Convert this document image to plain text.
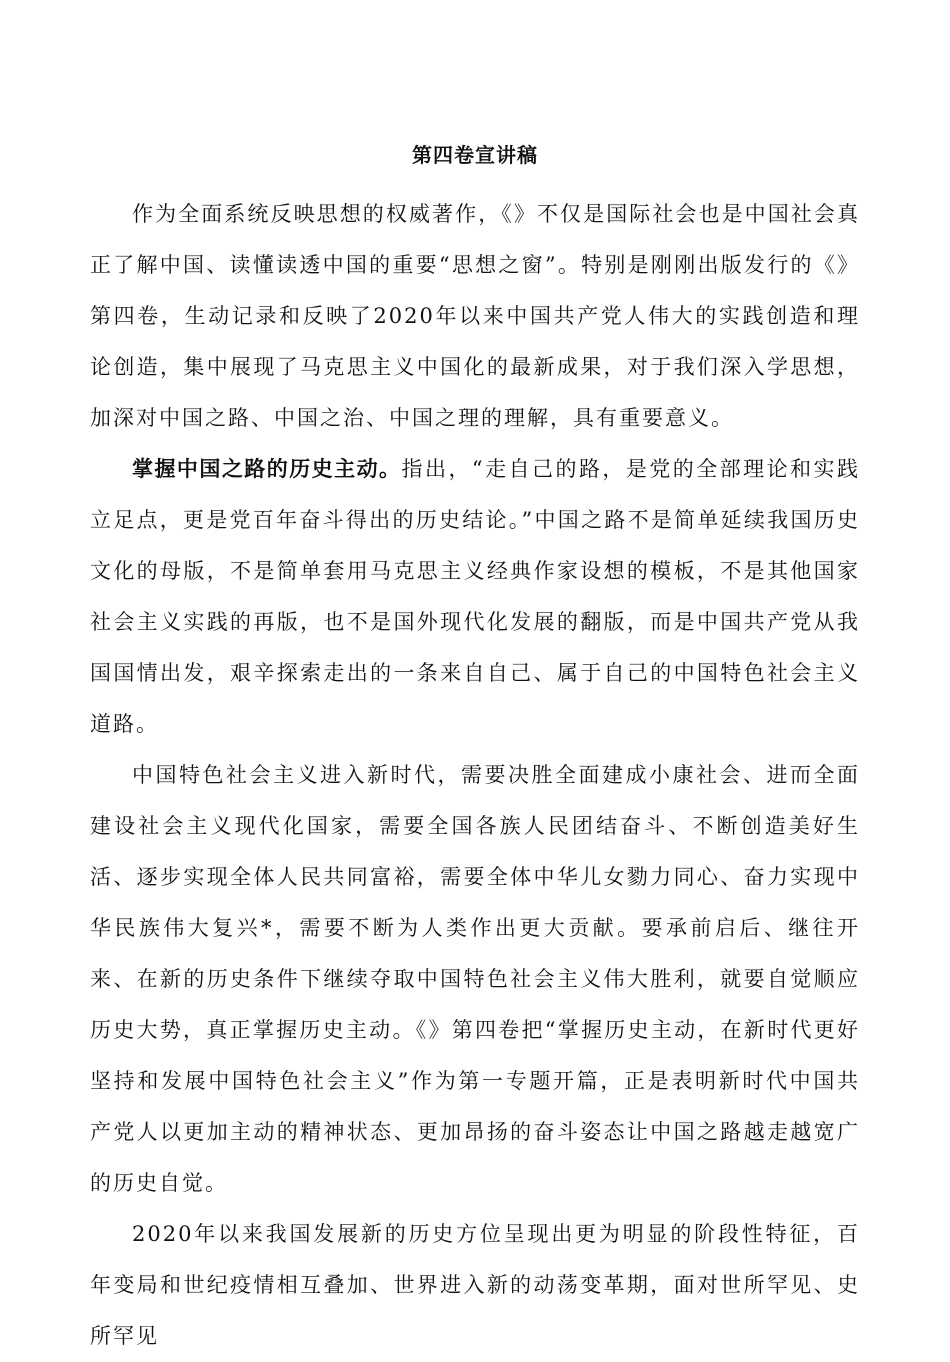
第四卷宣讲稿

作为全面系统反映思想的权威著作，《》不仅是国际社会也是中国社会真正了解中国、读懂读透中国的重要“思想之窗”。特别是刚刚出版发行的《》第四卷，生动记录和反映了2020年以来中国共产党人伟大的实践创造和理论创造，集中展现了马克思主义中国化的最新成果，对于我们深入学思想，加深对中国之路、中国之治、中国之理的理解，具有重要意义。

掌握中国之路的历史主动。指出，“走自己的路，是党的全部理论和实践立足点，更是党百年奋斗得出的历史结论。”中国之路不是简单延续我国历史文化的母版，不是简单套用马克思主义经典作家设想的模板，不是其他国家社会主义实践的再版，也不是国外现代化发展的翻版，而是中国共产党从我国国情出发，艰辛探索走出的一条来自自己、属于自己的中国特色社会主义道路。

中国特色社会主义进入新时代，需要决胜全面建成小康社会、进而全面建设社会主义现代化国家，需要全国各族人民团结奋斗、不断创造美好生活、逐步实现全体人民共同富裕，需要全体中华儿女勠力同心、奋力实现中华民族伟大复兴*，需要不断为人类作出更大贡献。要承前启后、继往开来、在新的历史条件下继续夺取中国特色社会主义伟大胜利，就要自觉顺应历史大势，真正掌握历史主动。《》第四卷把“掌握历史主动，在新时代更好坚持和发展中国特色社会主义”作为第一专题开篇，正是表明新时代中国共产党人以更加主动的精神状态、更加昂扬的奋斗姿态让中国之路越走越宽广的历史自觉。

2020年以来我国发展新的历史方位呈现出更为明显的阶段性特征，百年变局和世纪疫情相互叠加、世界进入新的动荡变革期，面对世所罕见、史所罕见
